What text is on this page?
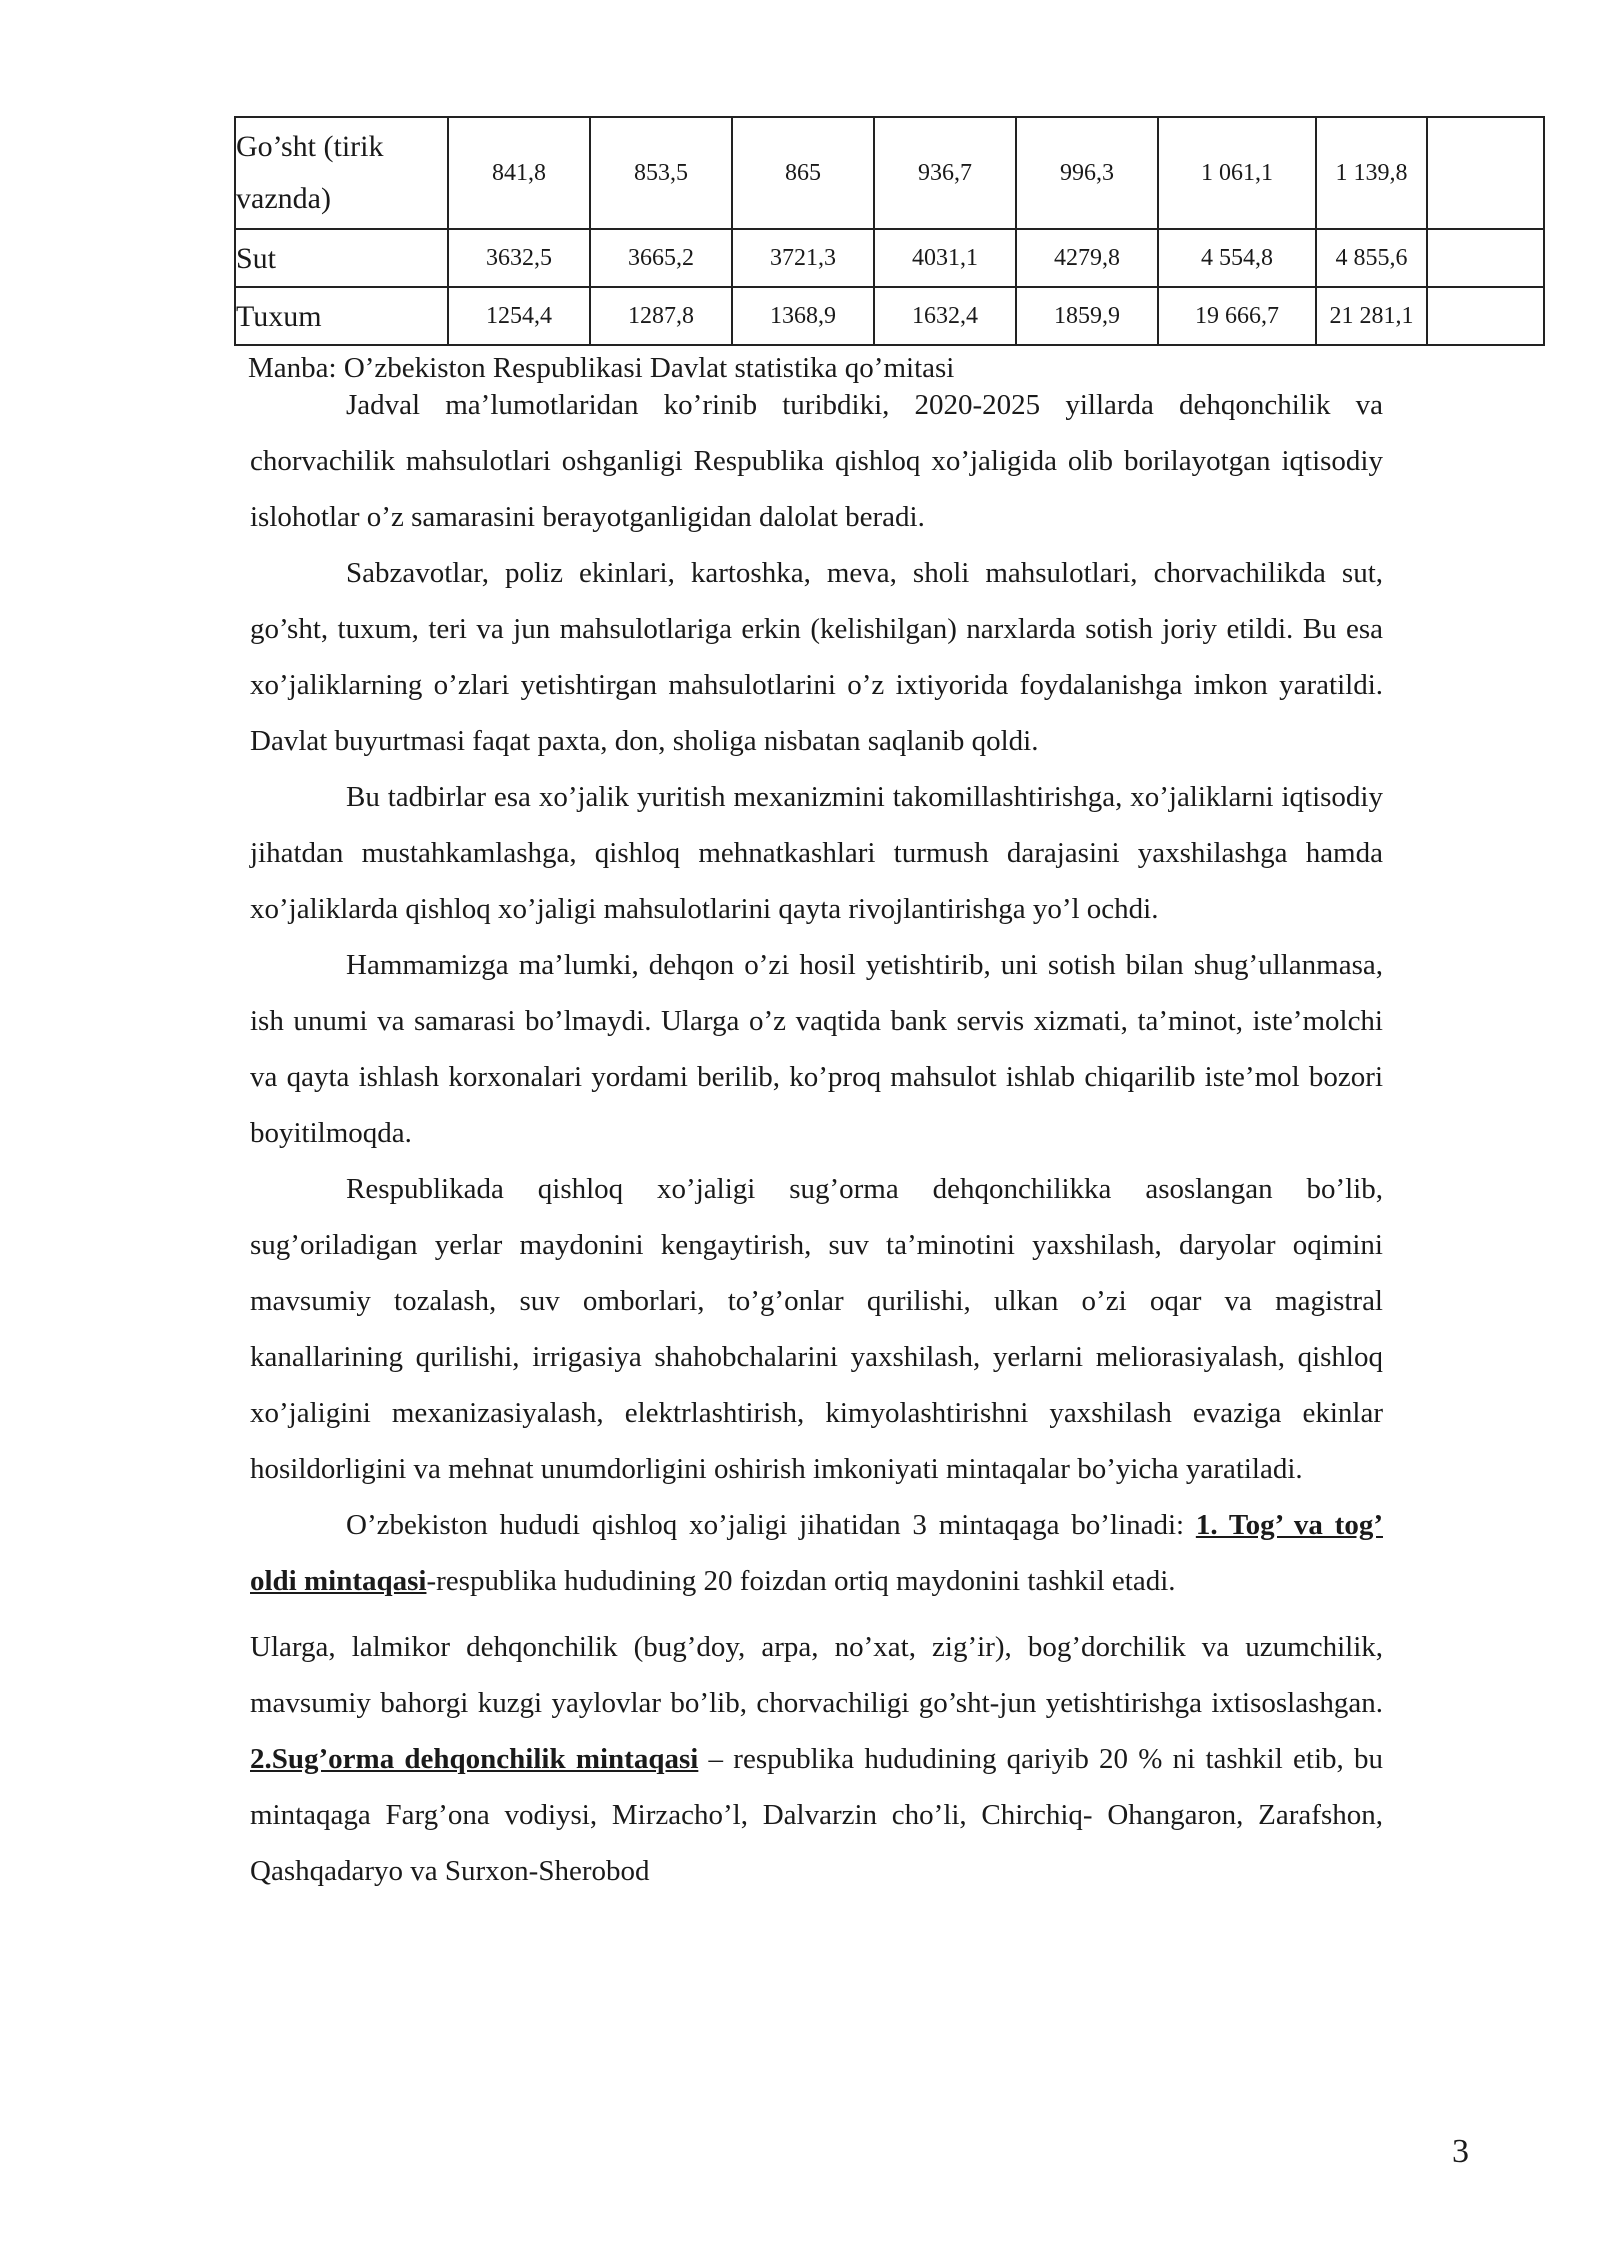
Go’sht (tirik
vaznda)	841,8	853,5	865	936,7	996,3	1 061,1	1 139,8	
Sut	3632,5	3665,2	3721,3	4031,1	4279,8	4 554,8	4 855,6	
Tuxum	1254,4	1287,8	1368,9	1632,4	1859,9	19 666,7	21 281,1	
Manba: O’zbekiston Respublikasi Davlat statistika qo’mitasi

Jadval ma’lumotlaridan ko’rinib turibdiki, 2020-2025 yillarda dehqonchilik va chorvachilik mahsulotlari oshganligi Respublika qishloq xo’jaligida olib borilayotgan iqtisodiy islohotlar o’z samarasini berayotganligidan dalolat beradi.

Sabzavotlar, poliz ekinlari, kartoshka, meva, sholi mahsulotlari, chorvachilikda sut, go’sht, tuxum, teri va jun mahsulotlariga erkin (kelishilgan) narxlarda sotish joriy etildi. Bu esa xo’jaliklarning o’zlari yetishtirgan mahsulotlarini o’z ixtiyorida foydalanishga imkon yaratildi. Davlat buyurtmasi faqat paxta, don, sholiga nisbatan saqlanib qoldi.

Bu tadbirlar esa xo’jalik yuritish mexanizmini takomillashtirishga, xo’jaliklarni iqtisodiy jihatdan mustahkamlashga, qishloq mehnatkashlari turmush darajasini yaxshilashga hamda xo’jaliklarda qishloq xo’jaligi mahsulotlarini qayta rivojlantirishga yo’l ochdi.

Hammamizga ma’lumki, dehqon o’zi hosil yetishtirib, uni sotish bilan shug’ullanmasa, ish unumi va samarasi bo’lmaydi. Ularga o’z vaqtida bank servis xizmati, ta’minot, iste’molchi va qayta ishlash korxonalari yordami berilib, ko’proq mahsulot ishlab chiqarilib iste’mol bozori boyitilmoqda.

Respublikada qishloq xo’jaligi sug’orma dehqonchilikka asoslangan bo’lib, sug’oriladigan yerlar maydonini kengaytirish, suv ta’minotini yaxshilash, daryolar oqimini mavsumiy tozalash, suv omborlari, to’g’onlar qurilishi, ulkan o’zi oqar va magistral kanallarining qurilishi, irrigasiya shahobchalarini yaxshilash, yerlarni meliorasiyalash, qishloq xo’jaligini mexanizasiyalash, elektrlashtirish, kimyolashtirishni yaxshilash evaziga ekinlar hosildorligini va mehnat unumdorligini oshirish imkoniyati mintaqalar bo’yicha yaratiladi.

O’zbekiston hududi qishloq xo’jaligi jihatidan 3 mintaqaga bo’linadi: 1. Tog’ va tog’ oldi mintaqasi-respublika hududining 20 foizdan ortiq maydonini tashkil etadi.

Ularga, lalmikor dehqonchilik (bug’doy, arpa, no’xat, zig’ir), bog’dorchilik va uzumchilik, mavsumiy bahorgi kuzgi yaylovlar bo’lib, chorvachiligi go’sht-jun yetishtirishga ixtisoslashgan. 2.Sug’orma dehqonchilik mintaqasi – respublika hududining qariyib 20 % ni tashkil etib, bu mintaqaga Farg’ona vodiysi, Mirzacho’l, Dalvarzin cho’li, Chirchiq- Ohangaron, Zarafshon, Qashqadaryo va Surxon-Sherobod

3
